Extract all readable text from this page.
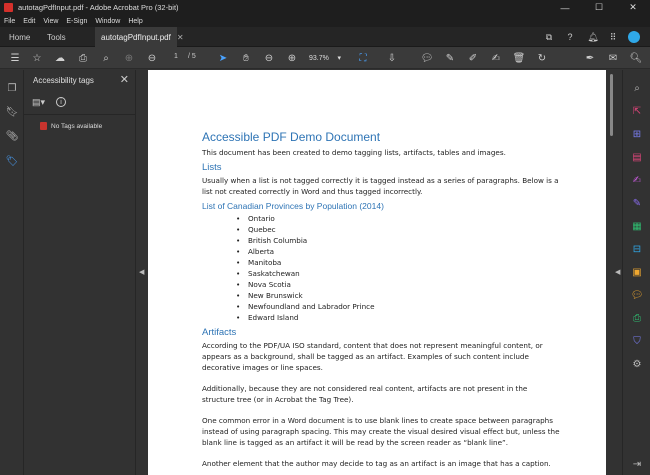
autotagPdfInput.pdf - Adobe Acrobat Pro (32-bit)	—	☐	✕
File Edit View E-Sign Window Help
Home Tools	autotagPdfInput.pdf ✕	⧉	?	🔔︎	⠿
☰ ☆ ☁	⎙	⌕	⊕ ⊖	1 / 5 ➤	✋︎	⊖ ⊕	93.7% ▾	⛶	⇩ 💬︎ ✎ ✐ ✍︎ 🗑︎ ↻	✒ ✉ 🔍︎
❐
🔖︎
📎︎
🏷︎
Accessibility tags ✕
▤▾	i
No Tags available
◀
Accessible PDF Demo Document

This document has been created to demo tagging lists, artifacts, tables and images.

Lists

Usually when a list is not tagged correctly it is tagged instead as a series of paragraphs. Below is a list not created correctly in Word and thus tagged incorrectly.

List of Canadian Provinces by Population (2014)
• Ontario
• Quebec
• British Columbia
• Alberta
• Manitoba
• Saskatchewan
• Nova Scotia
• New Brunswick
• Newfoundland and Labrador Prince
• Edward Island
Artifacts

According to the PDF/UA ISO standard, content that does not represent meaningful content, or appears as a background, shall be tagged as an artifact. Examples of such content include decorative images or line spaces.

Additionally, because they are not considered real content, artifacts are not present in the structure tree (or in Acrobat the Tag Tree).

One common error in a Word document is to use blank lines to create space between paragraphs instead of using paragraph spacing. This may create the visual desired visual effect but, unless the blank line is tagged as an artifact it will be read by the screen reader as “blank line”.

Another element that the author may decide to tag as an artifact is an image that has a caption.

◀
⌕
⇱
⊞
▤
✍︎
✎
▦
⊟
▣
💬︎
⎙
⛉
⚙
⇥
